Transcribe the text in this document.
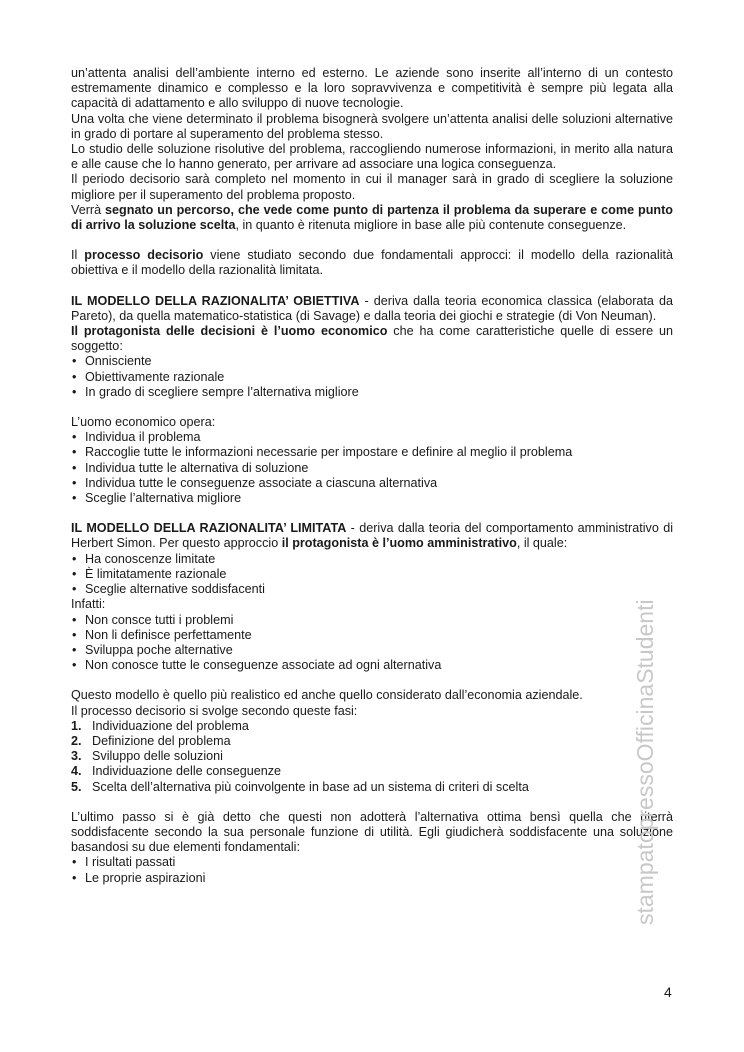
un’attenta analisi dell’ambiente interno ed esterno. Le aziende sono inserite all’interno di un contesto estremamente dinamico e complesso e la loro sopravvivenza e competitività è sempre più legata alla capacità di adattamento e allo sviluppo di nuove tecnologie.

Una volta che viene determinato il problema bisognerà svolgere un’attenta analisi delle soluzioni alternative in grado di portare al superamento del problema stesso.

Lo studio delle soluzione risolutive del problema, raccogliendo numerose informazioni, in merito alla natura e alle cause che lo hanno generato, per arrivare ad associare una logica conseguenza.

Il periodo decisorio sarà completo nel momento in cui il manager sarà in grado di scegliere la soluzione migliore per il superamento del problema proposto.

Verrà segnato un percorso, che vede come punto di partenza il problema da superare e come punto di arrivo la soluzione scelta, in quanto è ritenuta migliore in base alle più contenute conseguenze.

Il processo decisorio viene studiato secondo due fondamentali approcci: il modello della razionalità obiettiva e il modello della razionalità limitata.

IL MODELLO DELLA RAZIONALITA’ OBIETTIVA - deriva dalla teoria economica classica (elaborata da Pareto), da quella matematico-statistica (di Savage) e dalla teoria dei giochi e strategie (di Von Neuman).

Il protagonista delle decisioni è l’uomo economico che ha come caratteristiche quelle di essere un soggetto:

• Onnisciente
• Obiettivamente razionale
• In grado di scegliere sempre l’alternativa migliore

L’uomo economico opera:

• Individua il problema
• Raccoglie tutte le informazioni necessarie per impostare e definire al meglio il problema
• Individua tutte le alternativa di soluzione
• Individua tutte le conseguenze associate a ciascuna alternativa
• Sceglie l’alternativa migliore

IL MODELLO DELLA RAZIONALITA’ LIMITATA - deriva dalla teoria del comportamento amministrativo di Herbert Simon. Per questo approccio il protagonista è l’uomo amministrativo, il quale:

• Ha conoscenze limitate
• È limitatamente razionale
• Sceglie alternative soddisfacenti

Infatti:

• Non consce tutti i problemi
• Non li definisce perfettamente
• Sviluppa poche alternative
• Non conosce tutte le conseguenze associate ad ogni alternativa

Questo modello è quello più realistico ed anche quello considerato dall’economia aziendale.

Il processo decisorio si svolge secondo queste fasi:

1. Individuazione del problema
2. Definizione del problema
3. Sviluppo delle soluzioni
4. Individuazione delle conseguenze
5. Scelta dell’alternativa più coinvolgente in base ad un sistema di criteri di scelta

L’ultimo passo si è già detto che questi non adotterà l’alternativa ottima bensì quella che riterrà soddisfacente secondo la sua personale funzione di utilità. Egli giudicherà soddisfacente una soluzione basandosi su due elementi fondamentali:

• I risultati passati
• Le proprie aspirazioni	stampatopressoOfficinaStudenti
4
